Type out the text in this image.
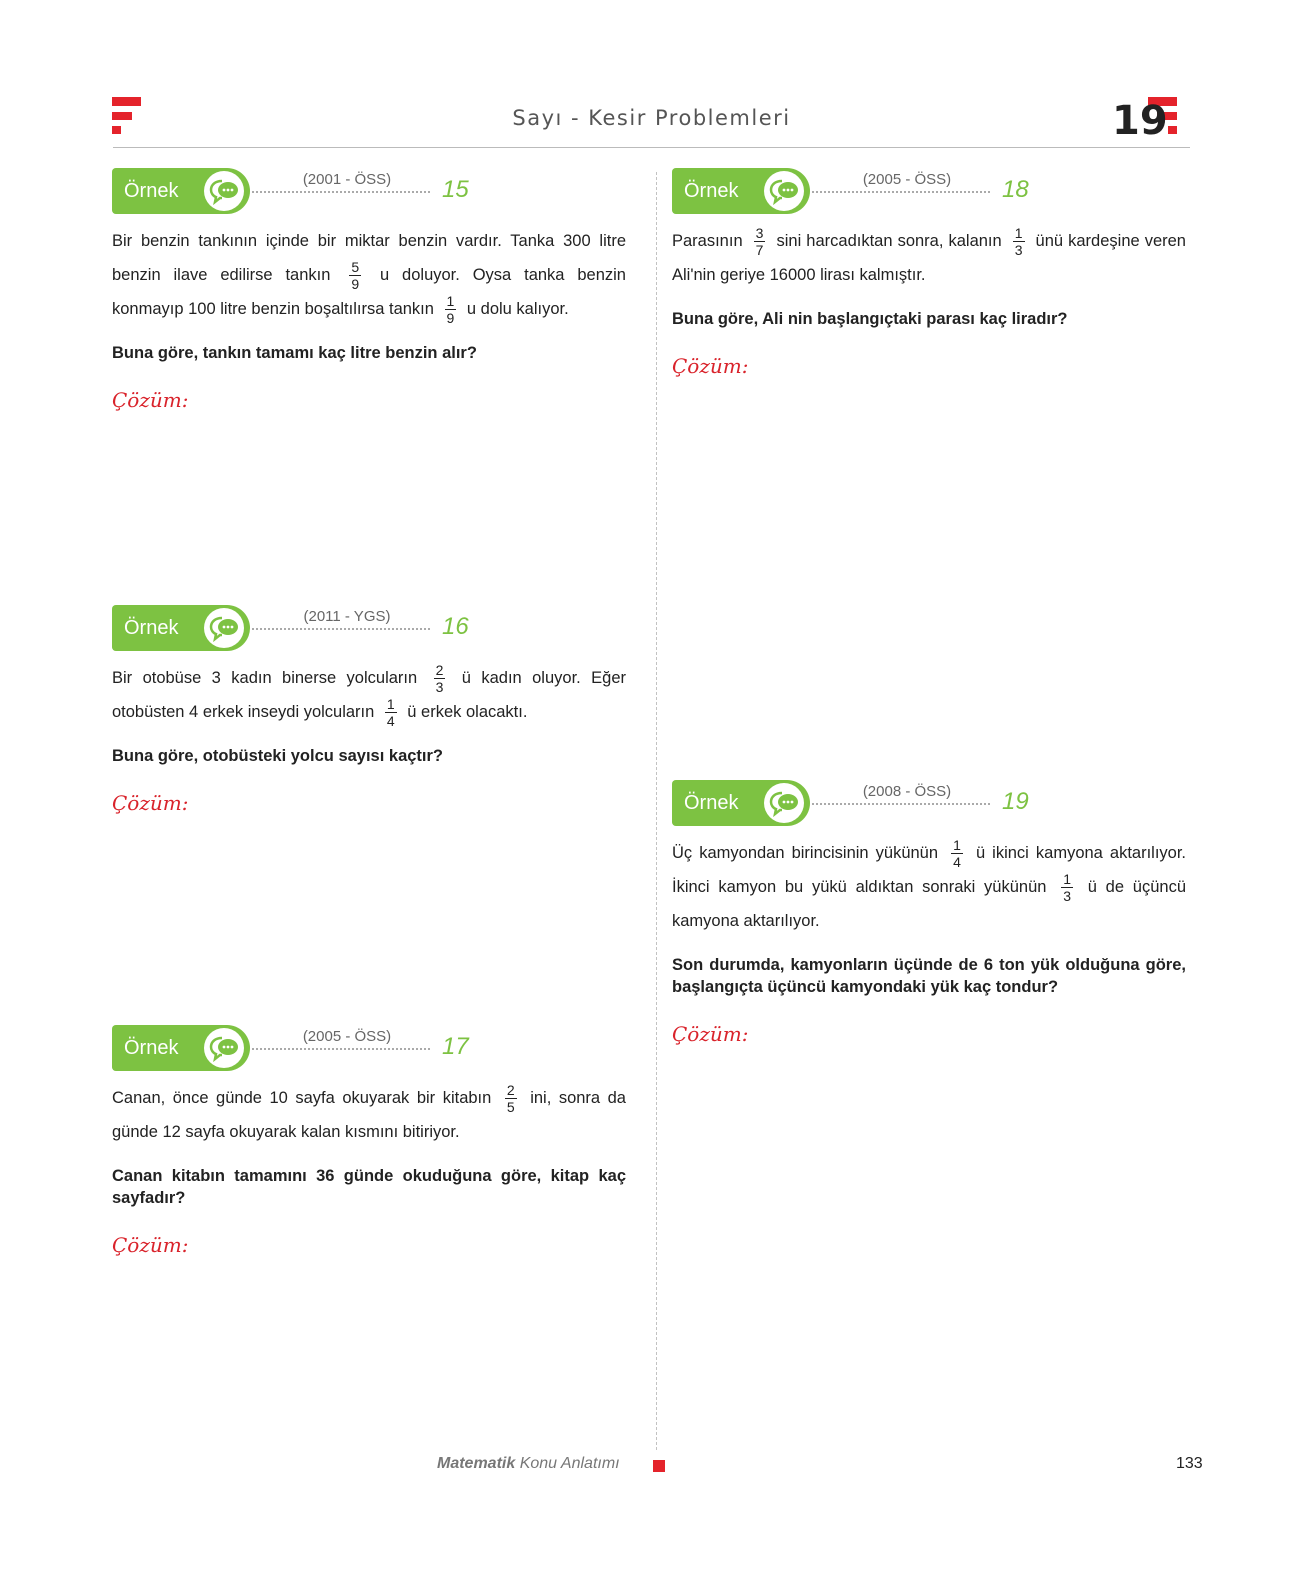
Sayı - Kesir Problemleri	19
Örnek
(2001 - ÖSS)	15
Bir benzin tankının içinde bir miktar benzin vardır. Tanka 300 litre benzin ilave edilirse tankın $\frac{5}{9}$ u doluyor. Oysa tanka benzin konmayıp 100 litre benzin boşaltılırsa tankın $\frac{1}{9}$ u dolu kalıyor.
Buna göre, tankın tamamı kaç litre benzin alır?
Çözüm:
Örnek
(2011 - YGS)	16
Bir otobüse 3 kadın binerse yolcuların $\frac{2}{3}$ ü kadın oluyor. Eğer otobüsten 4 erkek inseydi yolcuların $\frac{1}{4}$ ü erkek olacaktı.
Buna göre, otobüsteki yolcu sayısı kaçtır?
Çözüm:
Örnek
(2005 - ÖSS)	17
Canan, önce günde 10 sayfa okuyarak bir kitabın $\frac{2}{5}$ ini, sonra da günde 12 sayfa okuyarak kalan kısmını bitiriyor.
Canan kitabın tamamını 36 günde okuduğuna göre, kitap kaç sayfadır?
Çözüm:
Örnek
(2005 - ÖSS)	18
Parasının $\frac{3}{7}$ sini harcadıktan sonra, kalanın $\frac{1}{3}$ ünü kardeşine veren Ali'nin geriye 16000 lirası kalmıştır.
Buna göre, Ali nin başlangıçtaki parası kaç liradır?
Çözüm:
Örnek
(2008 - ÖSS)	19
Üç kamyondan birincisinin yükünün $\frac{1}{4}$ ü ikinci kamyona aktarılıyor. İkinci kamyon bu yükü aldıktan sonraki yükünün $\frac{1}{3}$ ü de üçüncü kamyona aktarılıyor.
Son durumda, kamyonların üçünde de 6 ton yük olduğuna göre, başlangıçta üçüncü kamyondaki yük kaç tondur?
Çözüm:
Matematik Konu Anlatımı	133
